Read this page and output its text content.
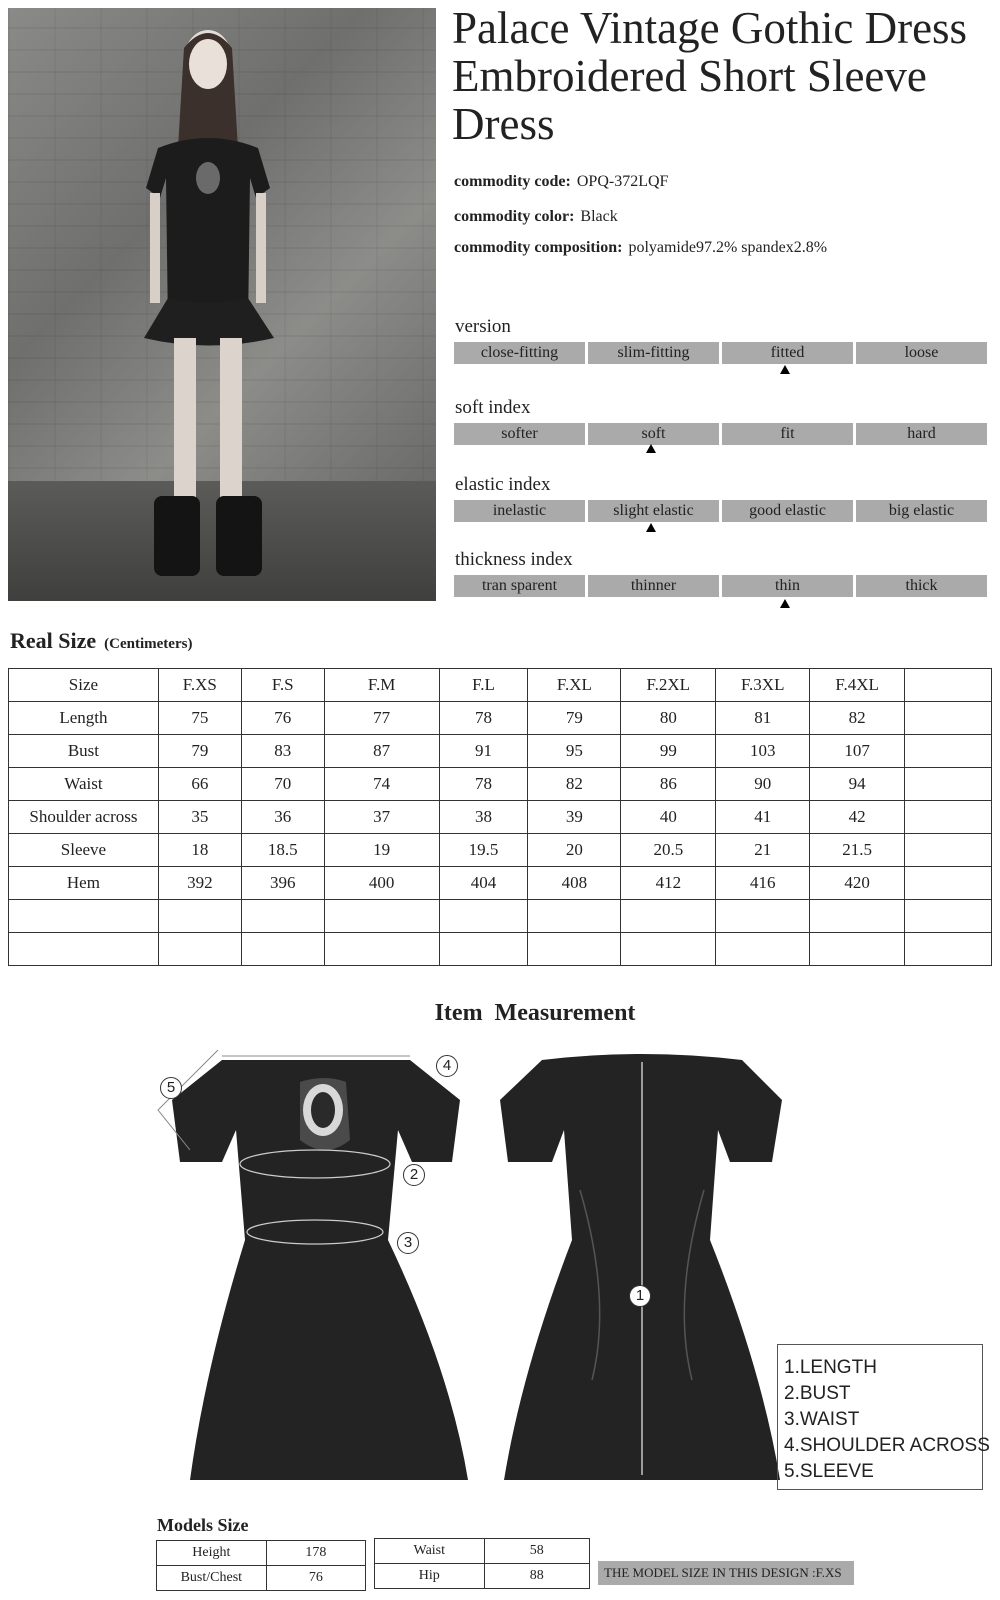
Palace Vintage Gothic Dress Embroidered Short Sleeve Dress
commodity code: OPQ-372LQF
commodity color: Black
commodity composition: polyamide97.2% spandex2.8%
version
close-fitting	slim-fitting	fitted	loose
soft index
softer	soft	fit	hard
elastic index
inelastic	slight elastic	good elastic	big elastic
thickness index
tran sparent	thinner	thin	thick
Real Size (Centimeters)
Size	F.XS	F.S	F.M	F.L	F.XL	F.2XL	F.3XL	F.4XL	
Length	75	76	77	78	79	80	81	82	
Bust	79	83	87	91	95	99	103	107	
Waist	66	70	74	78	82	86	90	94	
Shoulder across	35	36	37	38	39	40	41	42	
Sleeve	18	18.5	19	19.5	20	20.5	21	21.5	
Hem	392	396	400	404	408	412	416	420	

Item  Measurement
1
2
3
4
5
1.LENGTH
2.BUST
3.WAIST
4.SHOULDER ACROSS
5.SLEEVE
Models Size
Height	178
Bust/Chest	76
Waist	58
Hip	88	THE MODEL SIZE IN THIS DESIGN :F.XS
